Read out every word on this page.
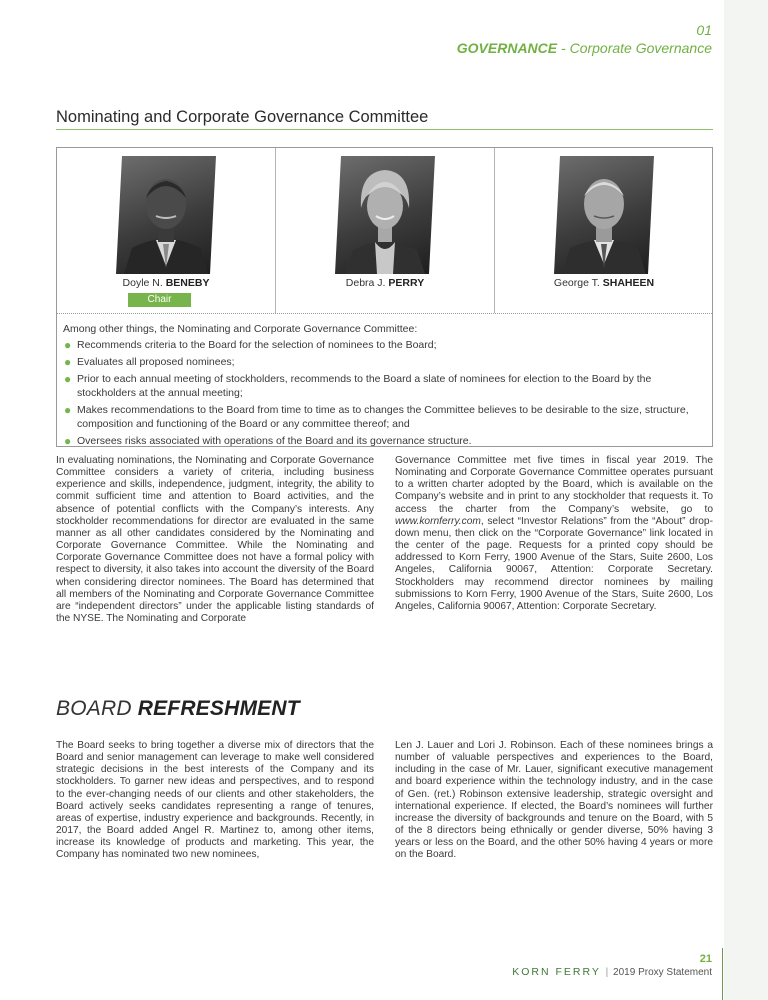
01
GOVERNANCE - Corporate Governance
Nominating and Corporate Governance Committee
Doyle N. BENEBY
Chair
Debra J. PERRY	George T. SHAHEEN

Among other things, the Nominating and Corporate Governance Committee:

● Recommends criteria to the Board for the selection of nominees to the Board;
● Evaluates all proposed nominees;
● Prior to each annual meeting of stockholders, recommends to the Board a slate of nominees for election to the Board by the stockholders at the annual meeting;
● Makes recommendations to the Board from time to time as to changes the Committee believes to be desirable to the size, structure, composition and functioning of the Board or any committee thereof; and
● Oversees risks associated with operations of the Board and its governance structure.

In evaluating nominations, the Nominating and Corporate Governance Committee considers a variety of criteria, including business experience and skills, independence, judgment, integrity, the ability to commit sufficient time and attention to Board activities, and the absence of potential conflicts with the Company’s interests. Any stockholder recommendations for director are evaluated in the same manner as all other candidates considered by the Nominating and Corporate Governance Committee. While the Nominating and Corporate Governance Committee does not have a formal policy with respect to diversity, it also takes into account the diversity of the Board when considering director nominees. The Board has determined that all members of the Nominating and Corporate Governance Committee are “independent directors” under the applicable listing standards of the NYSE. The Nominating and Corporate

Governance Committee met five times in fiscal year 2019. The Nominating and Corporate Governance Committee operates pursuant to a written charter adopted by the Board, which is available on the Company’s website and in print to any stockholder that requests it. To access the charter from the Company’s website, go to www.kornferry.com, select “Investor Relations” from the “About” drop-down menu, then click on the “Corporate Governance” link located in the center of the page. Requests for a printed copy should be addressed to Korn Ferry, 1900 Avenue of the Stars, Suite 2600, Los Angeles, California 90067, Attention: Corporate Secretary. Stockholders may recommend director nominees by mailing submissions to Korn Ferry, 1900 Avenue of the Stars, Suite 2600, Los Angeles, California 90067, Attention: Corporate Secretary.

BOARD REFRESHMENT

The Board seeks to bring together a diverse mix of directors that the Board and senior management can leverage to make well considered strategic decisions in the best interests of the Company and its stockholders. To garner new ideas and perspectives, and to respond to the ever-changing needs of our clients and other stakeholders, the Board actively seeks candidates representing a range of tenures, areas of expertise, industry experience and backgrounds. Recently, in 2017, the Board added Angel R. Martinez to, among other items, increase its knowledge of products and marketing. This year, the Company has nominated two new nominees,

Len J. Lauer and Lori J. Robinson. Each of these nominees brings a number of valuable perspectives and experiences to the Board, including in the case of Mr. Lauer, significant executive management and board experience within the technology industry, and in the case of Gen. (ret.) Robinson extensive leadership, strategic oversight and international experience. If elected, the Board’s nominees will further increase the diversity of backgrounds and tenure on the Board, with 5 of the 8 directors being ethnically or gender diverse, 50% having 3 years or less on the Board, and the other 50% having 4 years or more on the Board.

21
KORN FERRY | 2019 Proxy Statement
